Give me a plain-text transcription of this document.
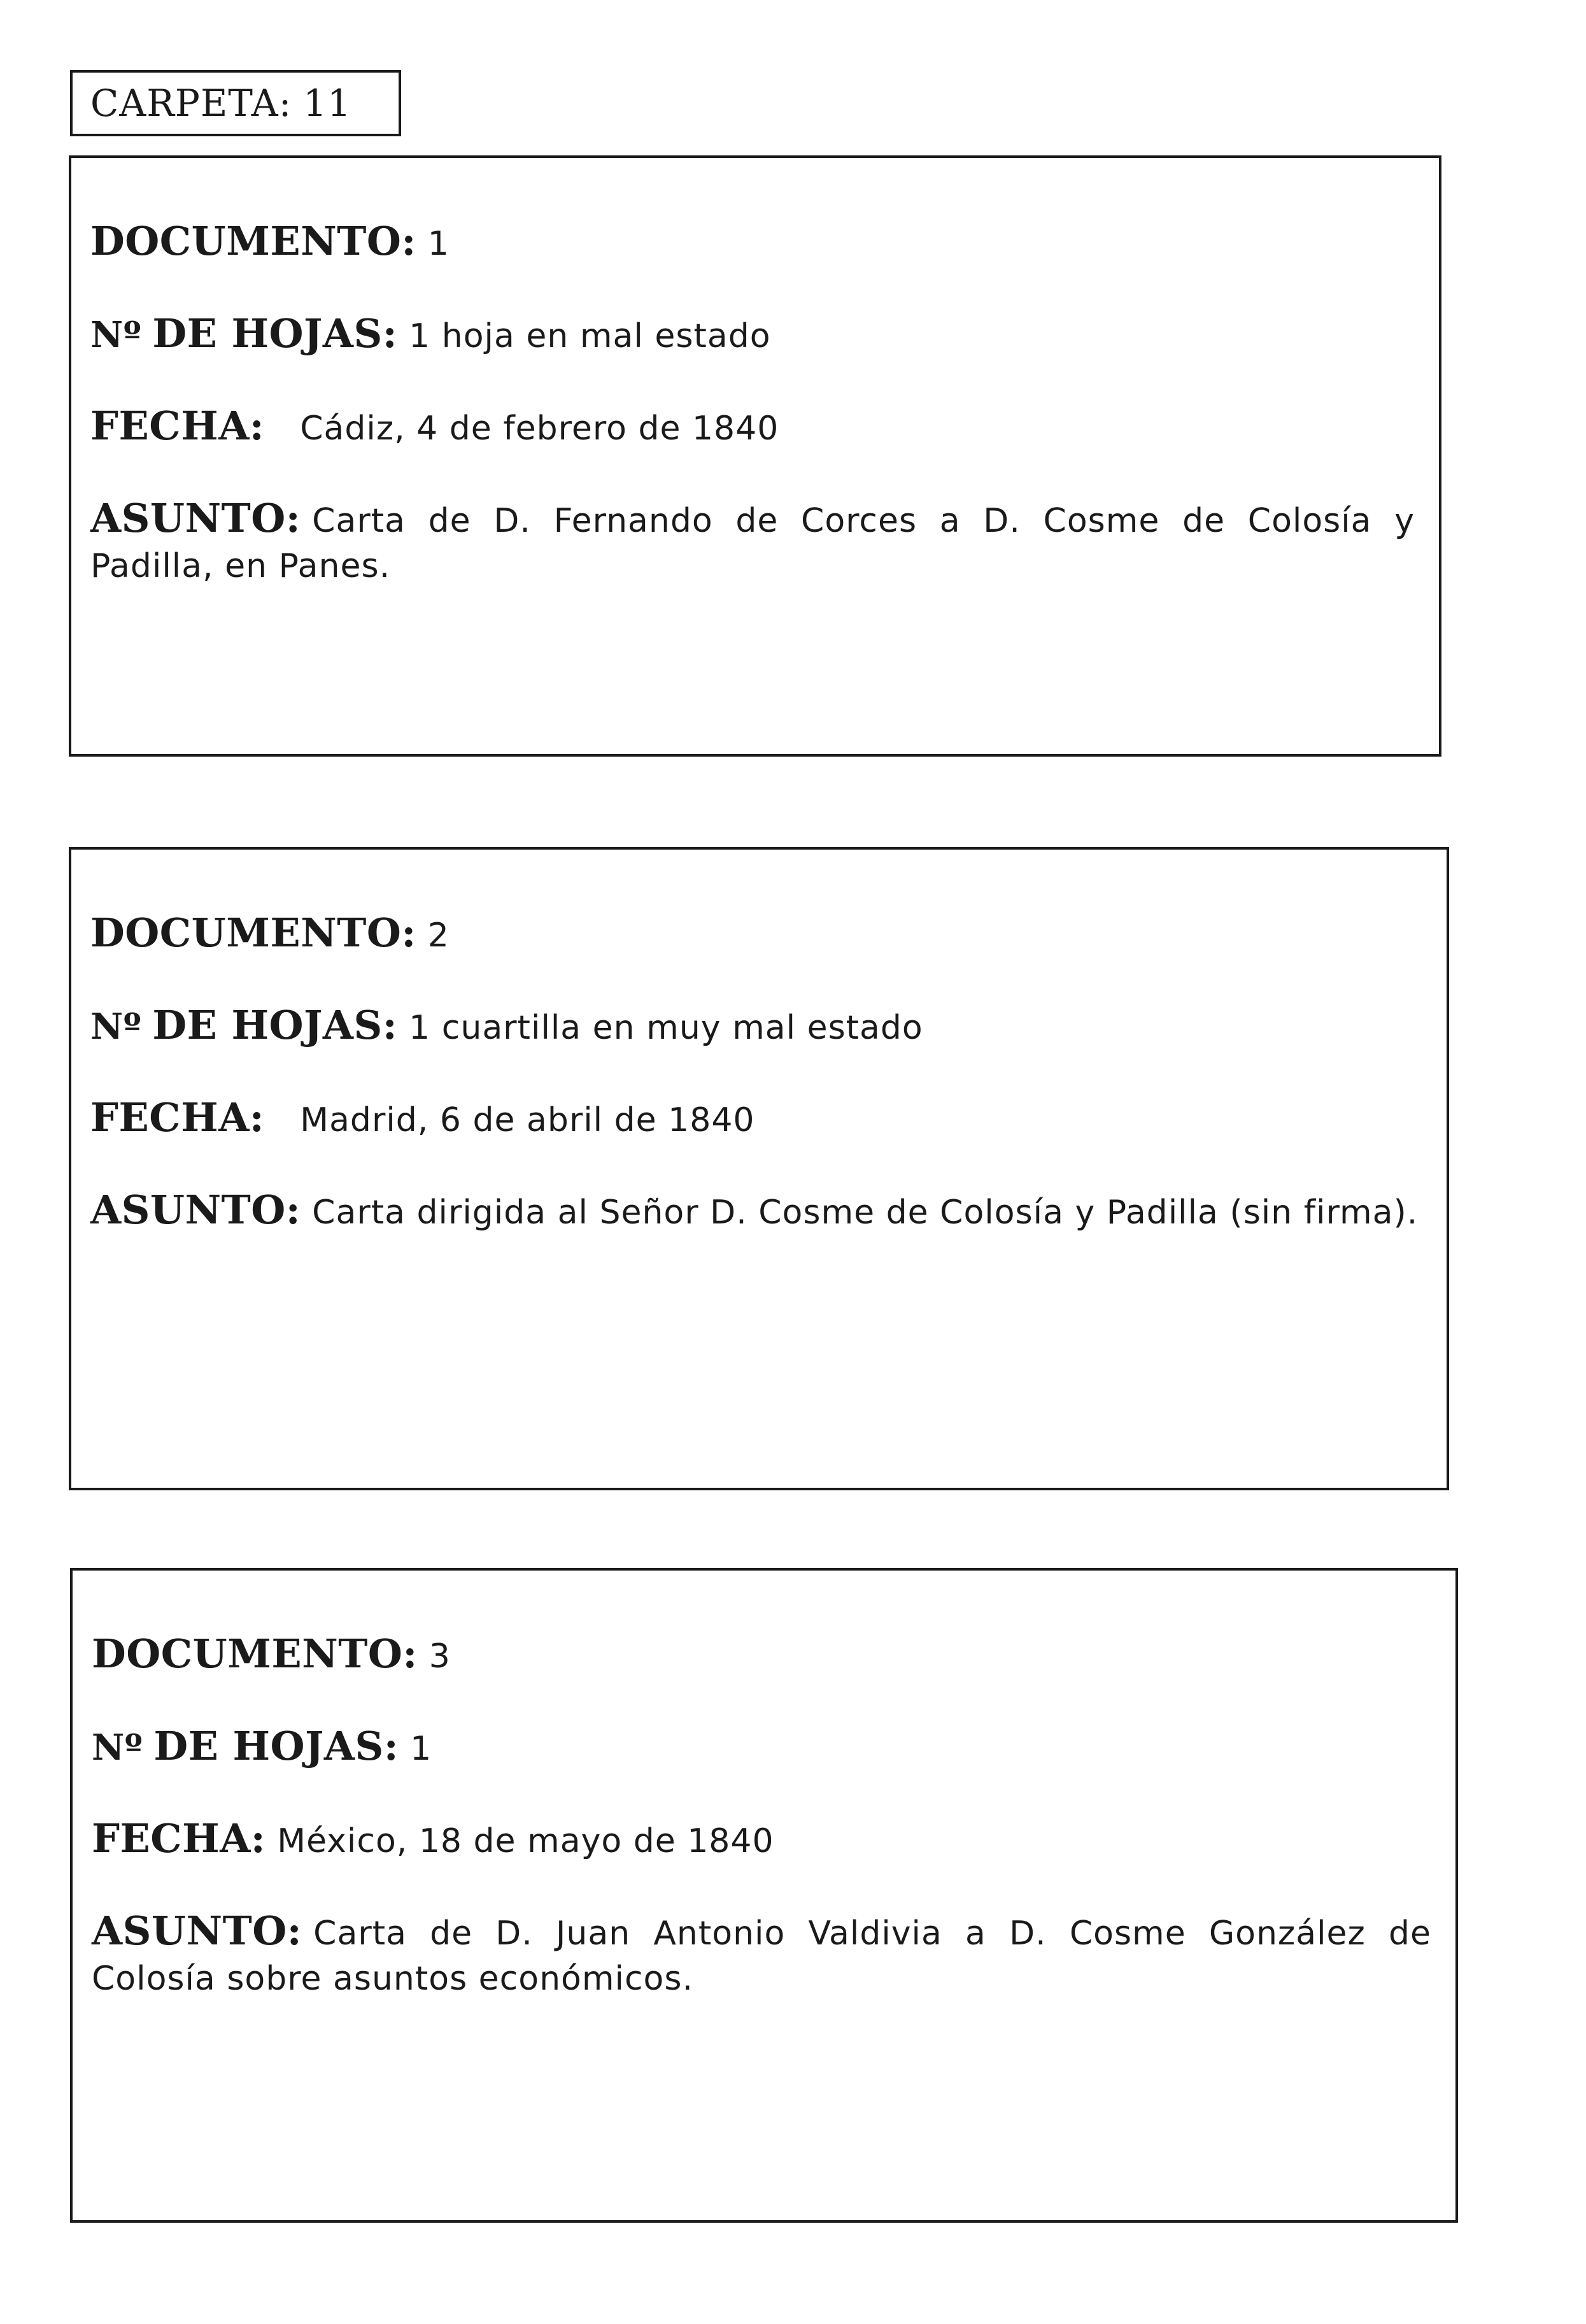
CARPETA: 11
DOCUMENTO: 1
Nº DE HOJAS: 1 hoja en mal estado
FECHA: Cádiz, 4 de febrero de 1840
ASUNTO: Carta de D. Fernando de Corces a D. Cosme de Colosía y Padilla, en Panes.
DOCUMENTO: 2
Nº DE HOJAS: 1 cuartilla en muy mal estado
FECHA: Madrid, 6 de abril de 1840
ASUNTO: Carta dirigida al Señor D. Cosme de Colosía y Padilla (sin firma).
DOCUMENTO: 3
Nº DE HOJAS: 1
FECHA: México, 18 de mayo de 1840
ASUNTO: Carta de D. Juan Antonio Valdivia a D. Cosme González de Colosía sobre asuntos económicos.
